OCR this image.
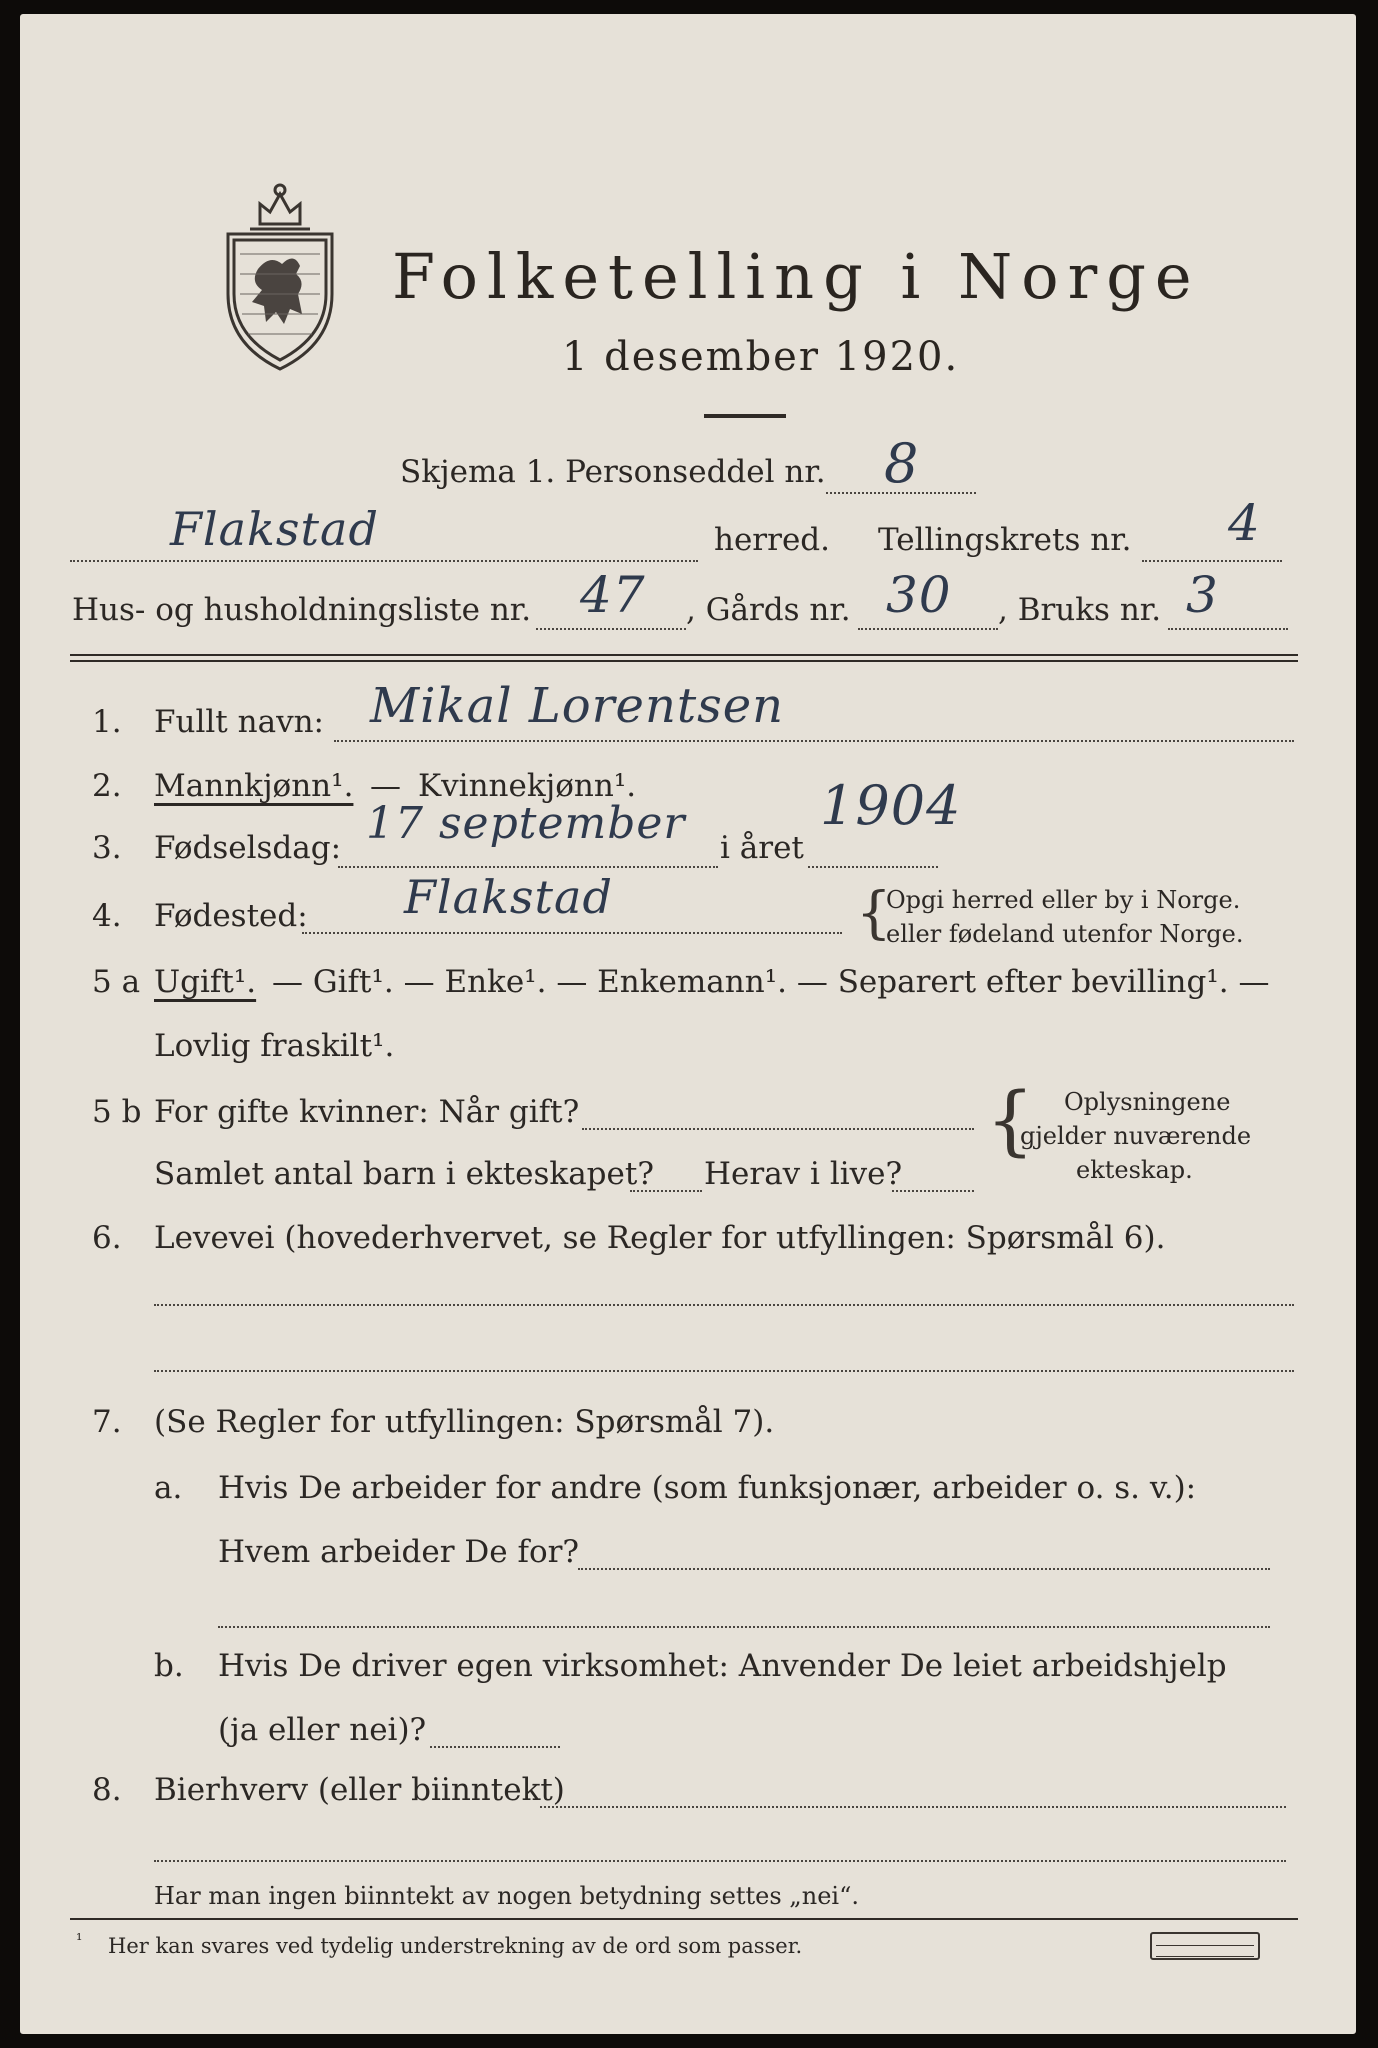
Folketelling i Norge
1 desember 1920.
Skjema 1. Personseddel nr. 8
Flakstad	herred. Tellingskrets nr. 4
Hus- og husholdningsliste nr. 47 , Gårds nr. 30 , Bruks nr. 3
1. Fullt navn: Mikal Lorentsen
2. Mannkjønn¹. — Kvinnekjønn¹.
3. Fødselsdag: 17 september i året
1904
4. Fødested: Flakstad	{
Opgi herred eller by i Norge.
eller fødeland utenfor Norge.
5 a Ugift¹. — Gift¹. — Enke¹. — Enkemann¹. — Separert efter bevilling¹. —
Lovlig fraskilt¹.
5 b For gifte kvinner: Når gift?
Samlet antal barn i ekteskapet? Herav i live?
{ Oplysningene
gjelder nuværende
ekteskap.
6. Levevei (hovederhvervet, se Regler for utfyllingen: Spørsmål 6).
7. (Se Regler for utfyllingen: Spørsmål 7).
a. Hvis De arbeider for andre (som funksjonær, arbeider o. s. v.):
Hvem arbeider De for?
b. Hvis De driver egen virksomhet: Anvender De leiet arbeidshjelp
(ja eller nei)?
8. Bierhverv (eller biinntekt)
Har man ingen biinntekt av nogen betydning settes „nei“.
¹ Her kan svares ved tydelig understrekning av de ord som passer.
